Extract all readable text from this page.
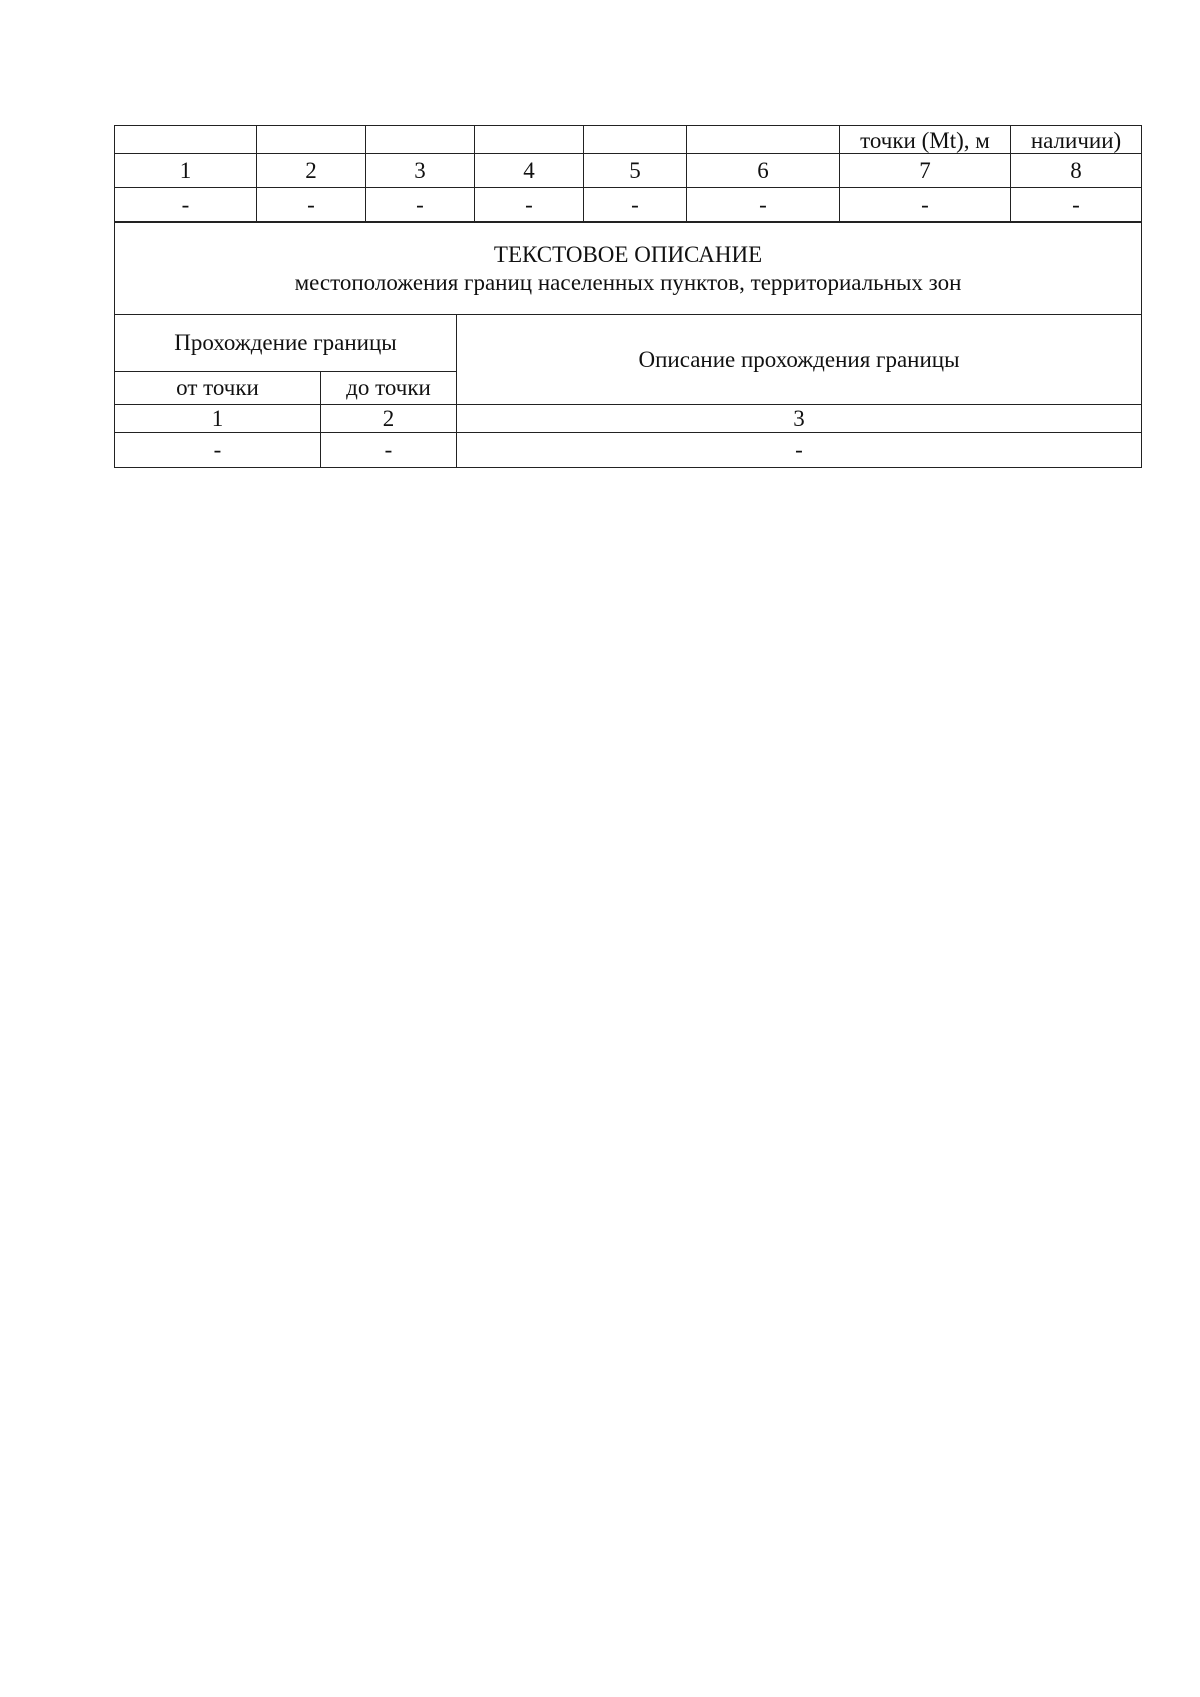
						точки (Mt), м	наличии)
1	2	3	4	5	6	7	8
-	-	-	-	-	-	-	-
ТЕКСТОВОЕ ОПИСАНИЕ
местоположения границ населенных пунктов, территориальных зон		

Прохождение границы		Описание прохождения границы
от точки	до точки	
1	2	3
-	-	-
